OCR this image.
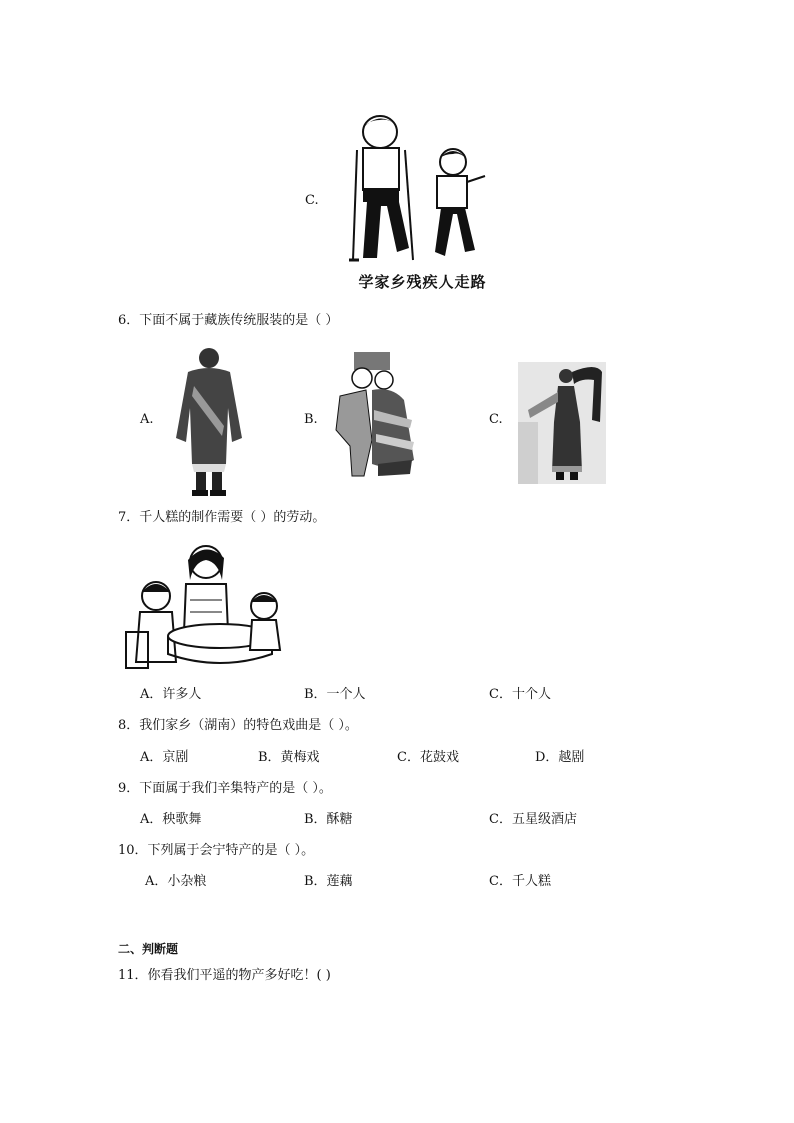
C.
学家乡残疾人走路
6．下面不属于藏族传统服装的是（ ）
A.	B.	C.
7．千人糕的制作需要（ ）的劳动。
A．许多人	B．一个人	C．十个人
8．我们家乡（湖南）的特色戏曲是（ ）。
A．京剧	B．黄梅戏	C．花鼓戏	D．越剧
9．下面属于我们辛集特产的是（ ）。
A．秧歌舞	B．酥糖	C．五星级酒店
10．下列属于会宁特产的是（ ）。
A．小杂粮	B．莲藕	C．千人糕
二、判断题
11．你看我们平遥的物产多好吃！( )
